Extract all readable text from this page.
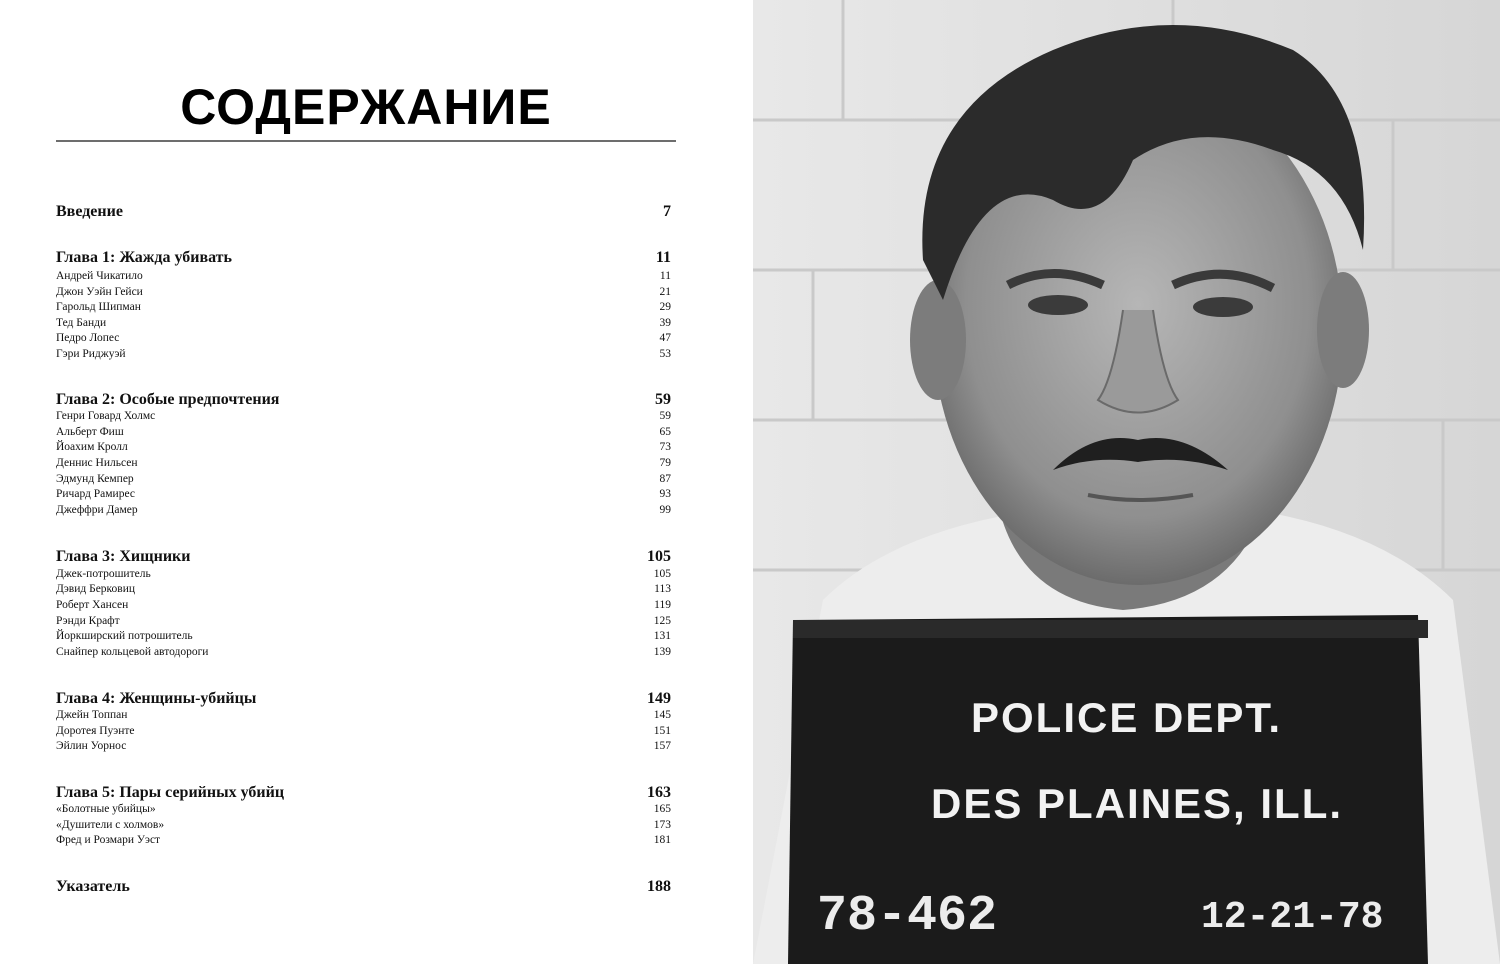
СОДЕРЖАНИЕ
Введение	7
Глава 1: Жажда убивать	11
Андрей Чикатило	11
Джон Уэйн Гейси	21
Гарольд Шипман	29
Тед Банди	39
Педро Лопес	47
Гэри Риджуэй	53
Глава 2: Особые предпочтения	59
Генри Говард Холмс	59
Альберт Фиш	65
Йоахим Кролл	73
Деннис Нильсен	79
Эдмунд Кемпер	87
Ричард Рамирес	93
Джеффри Дамер	99
Глава 3: Хищники	105
Джек-потрошитель	105
Дэвид Берковиц	113
Роберт Хансен	119
Рэнди Крафт	125
Йоркширский потрошитель	131
Снайпер кольцевой автодороги	139
Глава 4: Женщины-убийцы	149
Джейн Топпан	145
Доротея Пуэнте	151
Эйлин Уорнос	157
Глава 5: Пары серийных убийц	163
«Болотные убийцы»	165
«Душители с холмов»	173
Фред и Розмари Уэст	181
Указатель	188
POLICE DEPT.
DES PLAINES, ILL.
78-462	12-21-78
